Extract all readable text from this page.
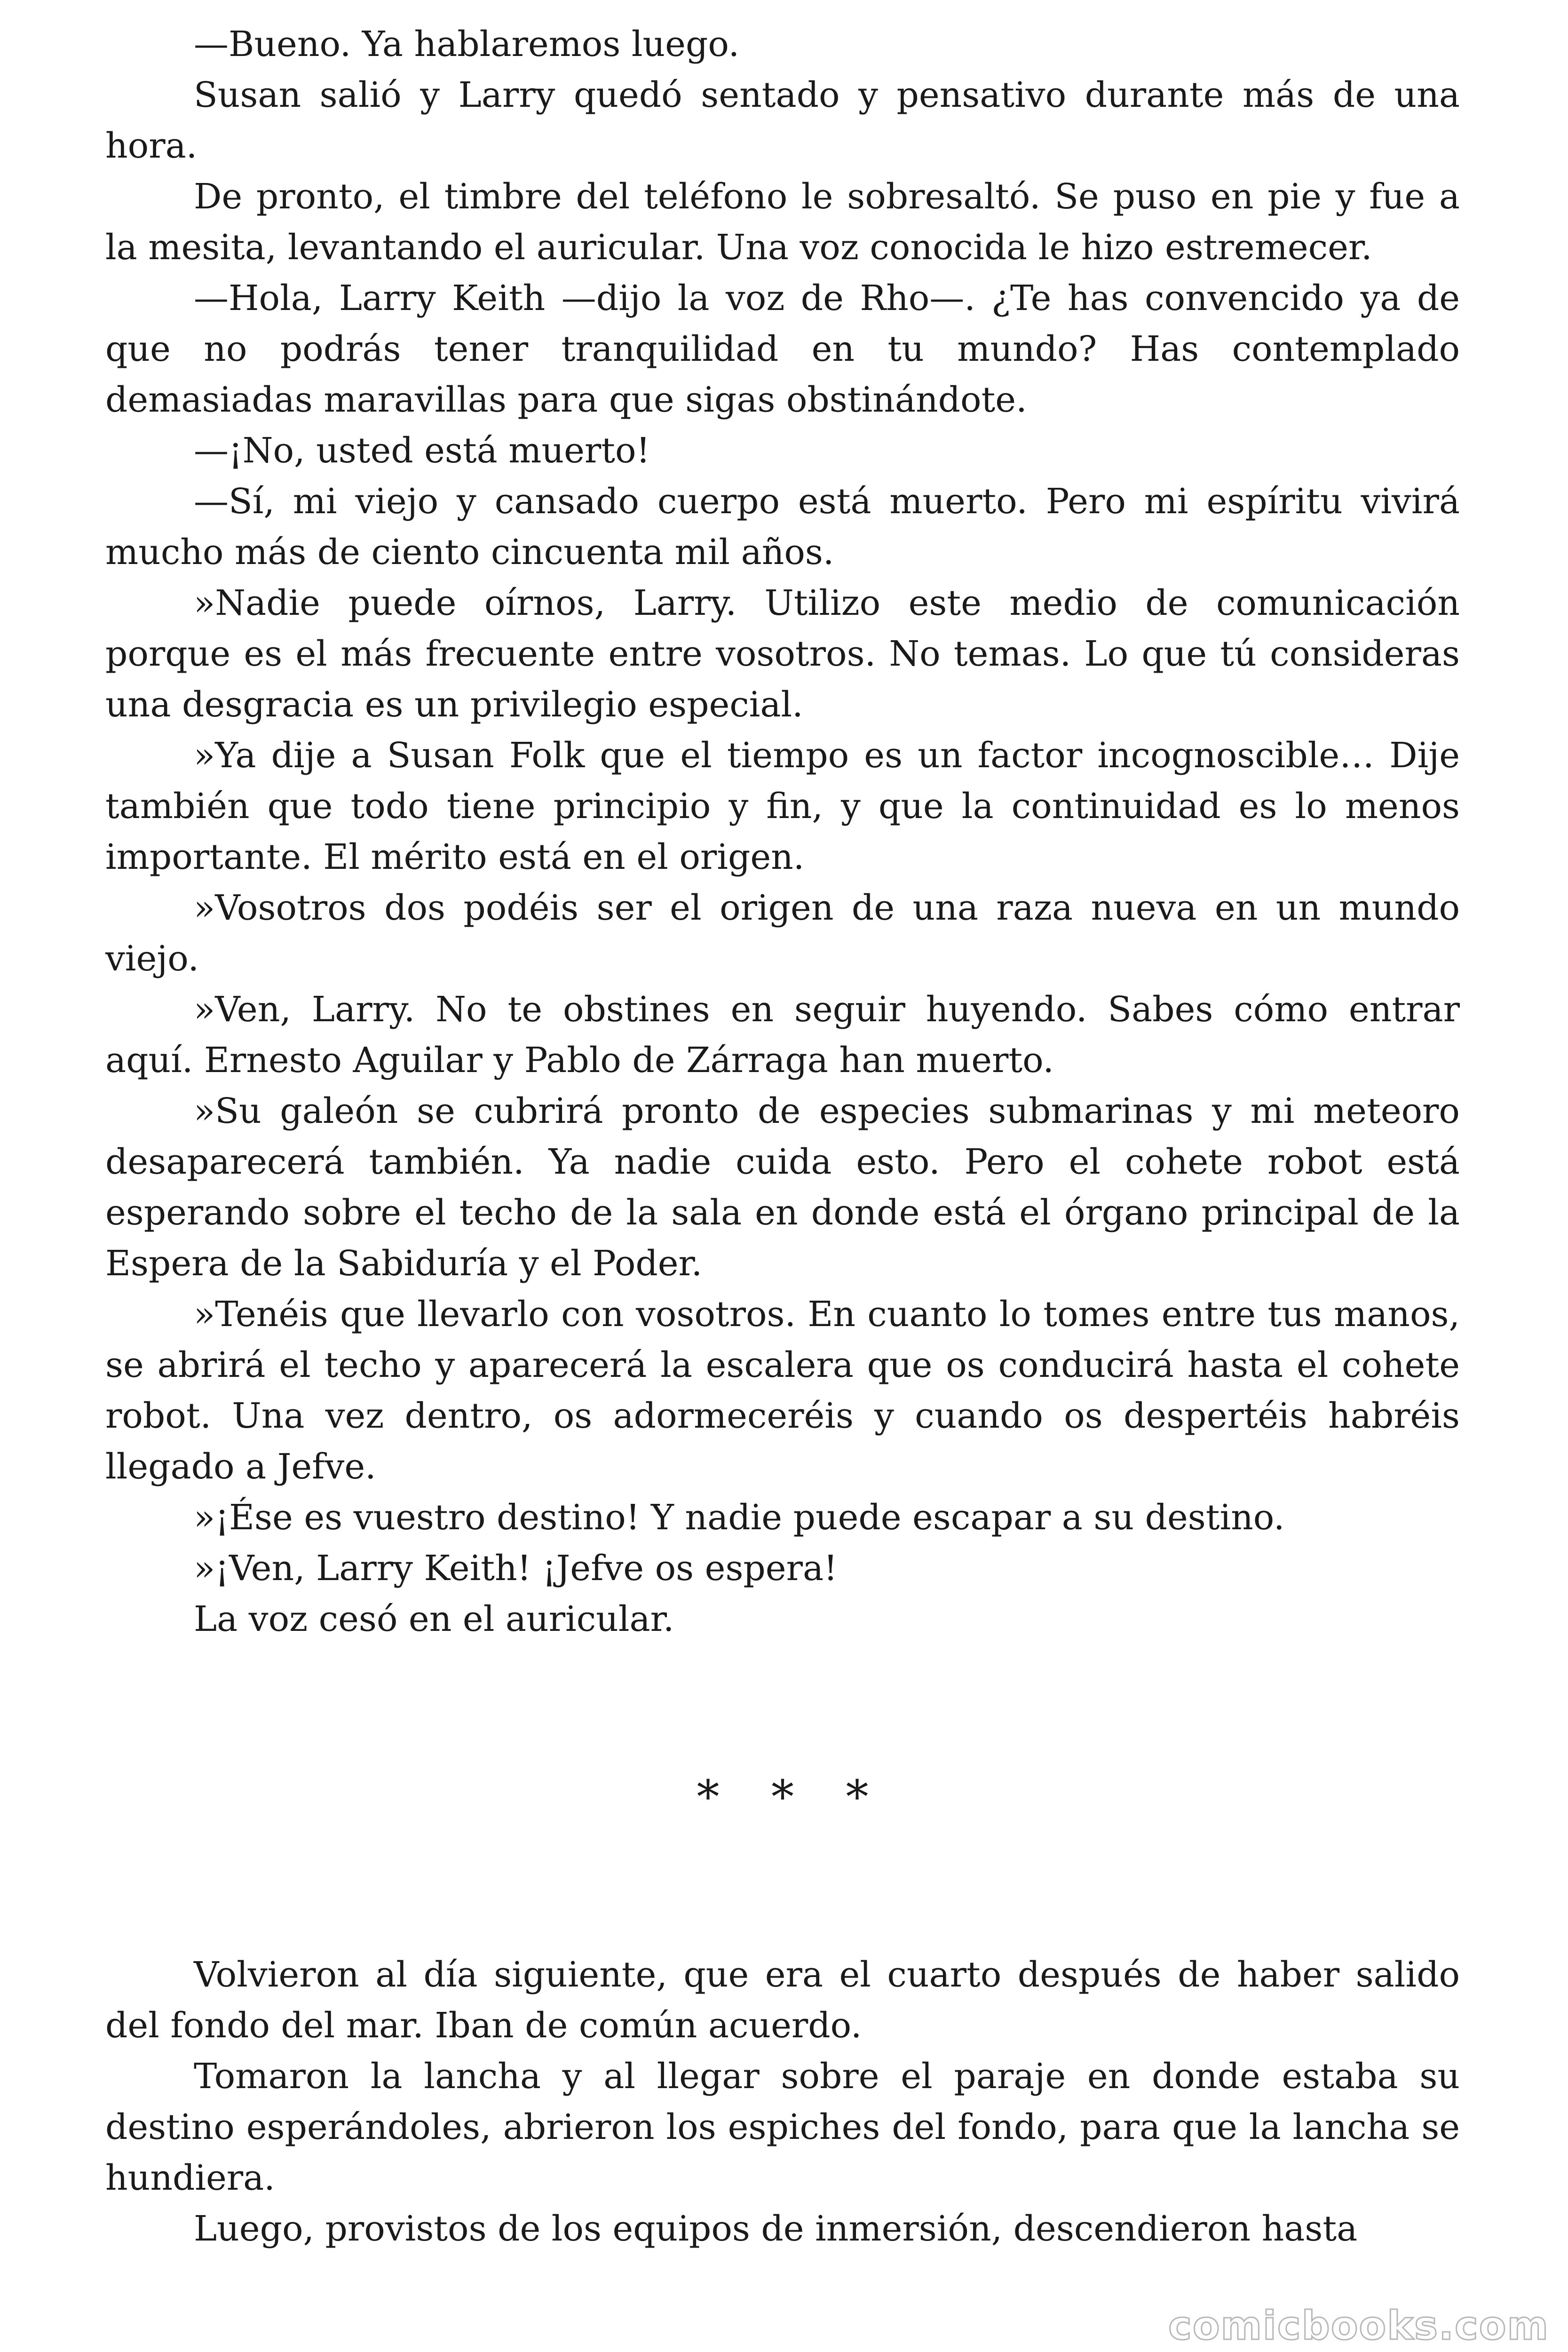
—Bueno. Ya hablaremos luego.

Susan salió y Larry quedó sentado y pensativo durante más de una hora.

De pronto, el timbre del teléfono le sobresaltó. Se puso en pie y fue a la mesita, levantando el auricular. Una voz conocida le hizo estremecer.

—Hola, Larry Keith —dijo la voz de Rho—. ¿Te has convencido ya de que no podrás tener tranquilidad en tu mundo? Has contemplado demasiadas maravillas para que sigas obstinándote.

—¡No, usted está muerto!

—Sí, mi viejo y cansado cuerpo está muerto. Pero mi espíritu vivirá mucho más de ciento cincuenta mil años.

»Nadie puede oírnos, Larry. Utilizo este medio de comunicación porque es el más frecuente entre vosotros. No temas. Lo que tú consideras una desgracia es un privilegio especial.

»Ya dije a Susan Folk que el tiempo es un factor incognoscible… Dije también que todo tiene principio y fin, y que la continuidad es lo menos importante. El mérito está en el origen.

»Vosotros dos podéis ser el origen de una raza nueva en un mundo viejo.

»Ven, Larry. No te obstines en seguir huyendo. Sabes cómo entrar aquí. Ernesto Aguilar y Pablo de Zárraga han muerto.

»Su galeón se cubrirá pronto de especies submarinas y mi meteoro desaparecerá también. Ya nadie cuida esto. Pero el cohete robot está esperando sobre el techo de la sala en donde está el órgano principal de la Espera de la Sabiduría y el Poder.

»Tenéis que llevarlo con vosotros. En cuanto lo tomes entre tus manos, se abrirá el techo y aparecerá la escalera que os conducirá hasta el cohete robot. Una vez dentro, os adormeceréis y cuando os despertéis habréis llegado a Jefve.

»¡Ése es vuestro destino! Y nadie puede escapar a su destino.

»¡Ven, Larry Keith! ¡Jefve os espera!

La voz cesó en el auricular.

* * *

Volvieron al día siguiente, que era el cuarto después de haber salido del fondo del mar. Iban de común acuerdo.

Tomaron la lancha y al llegar sobre el paraje en donde estaba su destino esperándoles, abrieron los espiches del fondo, para que la lancha se hundiera.

Luego, provistos de los equipos de inmersión, descendieron hasta

comicbooks.com
